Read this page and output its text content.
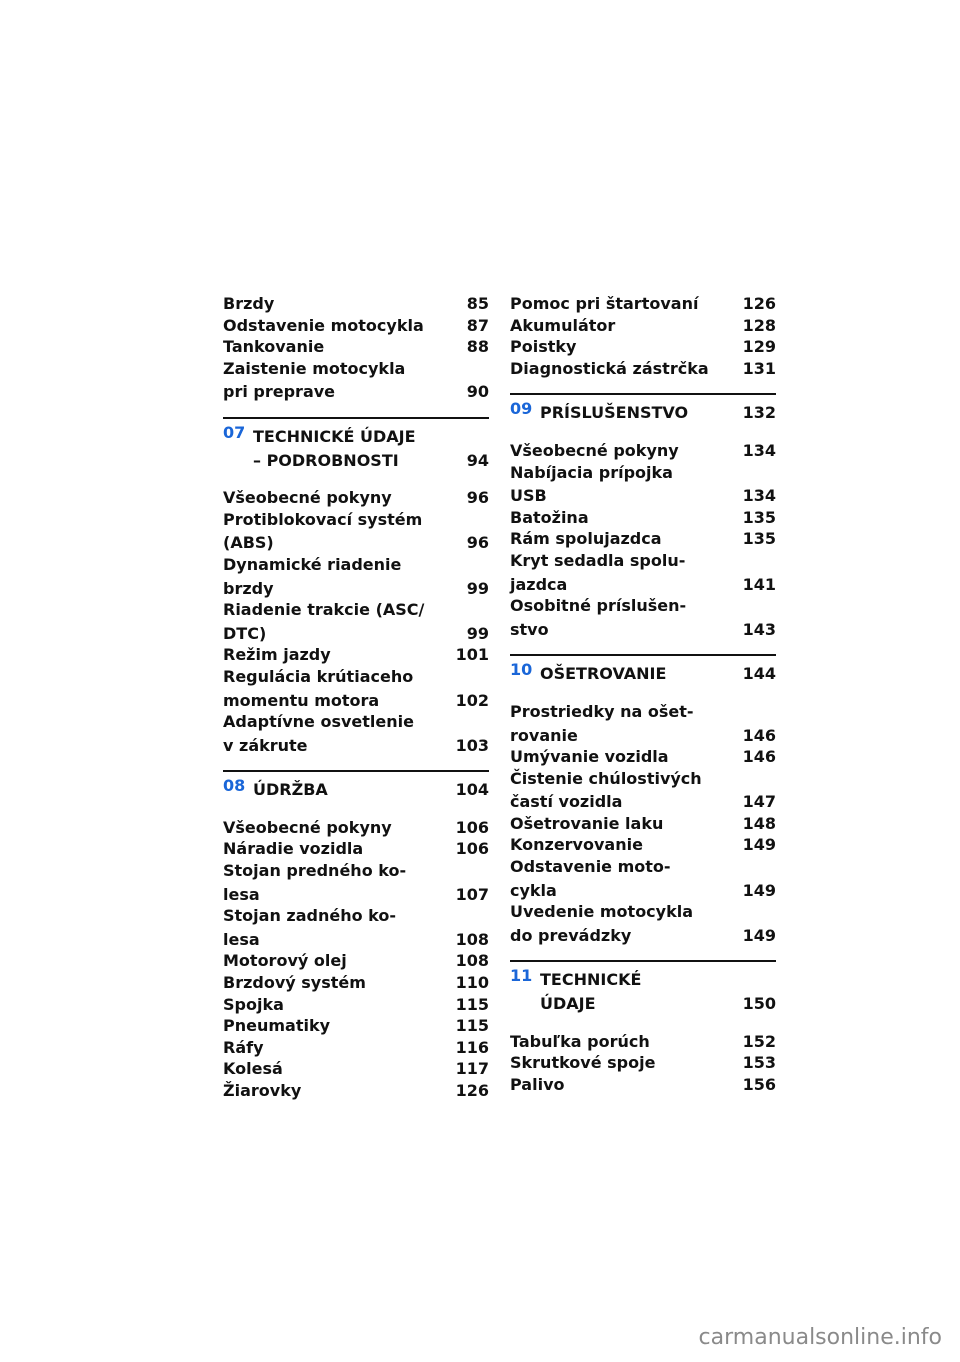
Brzdy	85
Odstavenie motocykla	87
Tankovanie	88
Zaistenie motocykla
pri preprave	90
07 TECHNICKÉ ÚDAJE
– PODROBNOSTI	94
Všeobecné pokyny	96
Protiblokovací systém
(ABS)	96
Dynamické riadenie
brzdy	99
Riadenie trakcie (ASC/
DTC)	99
Režim jazdy	101
Regulácia krútiaceho
momentu motora	102
Adaptívne osvetlenie
v zákrute	103
08 ÚDRŽBA	104
Všeobecné pokyny	106
Náradie vozidla	106
Stojan predného ko-
lesa	107
Stojan zadného ko-
lesa	108
Motorový olej	108
Brzdový systém	110
Spojka	115
Pneumatiky	115
Ráfy	116
Kolesá	117
Žiarovky	126
Pomoc pri štartovaní	126
Akumulátor	128
Poistky	129
Diagnostická zástrčka 131
09 PRÍSLUŠENSTVO	132
Všeobecné pokyny	134
Nabíjacia prípojka
USB	134
Batožina	135
Rám spolujazdca	135
Kryt sedadla spolu-
jazdca	141
Osobitné príslušen-
stvo	143
10 OŠETROVANIE	144
Prostriedky na ošet-
rovanie	146
Umývanie vozidla	146
Čistenie chúlostivých
častí vozidla	147
Ošetrovanie laku	148
Konzervovanie	149
Odstavenie moto-
cykla	149
Uvedenie motocykla
do prevádzky	149
11 TECHNICKÉ
ÚDAJE	150
Tabuľka porúch	152
Skrutkové spoje	153
Palivo	156
carmanualsonline.info
